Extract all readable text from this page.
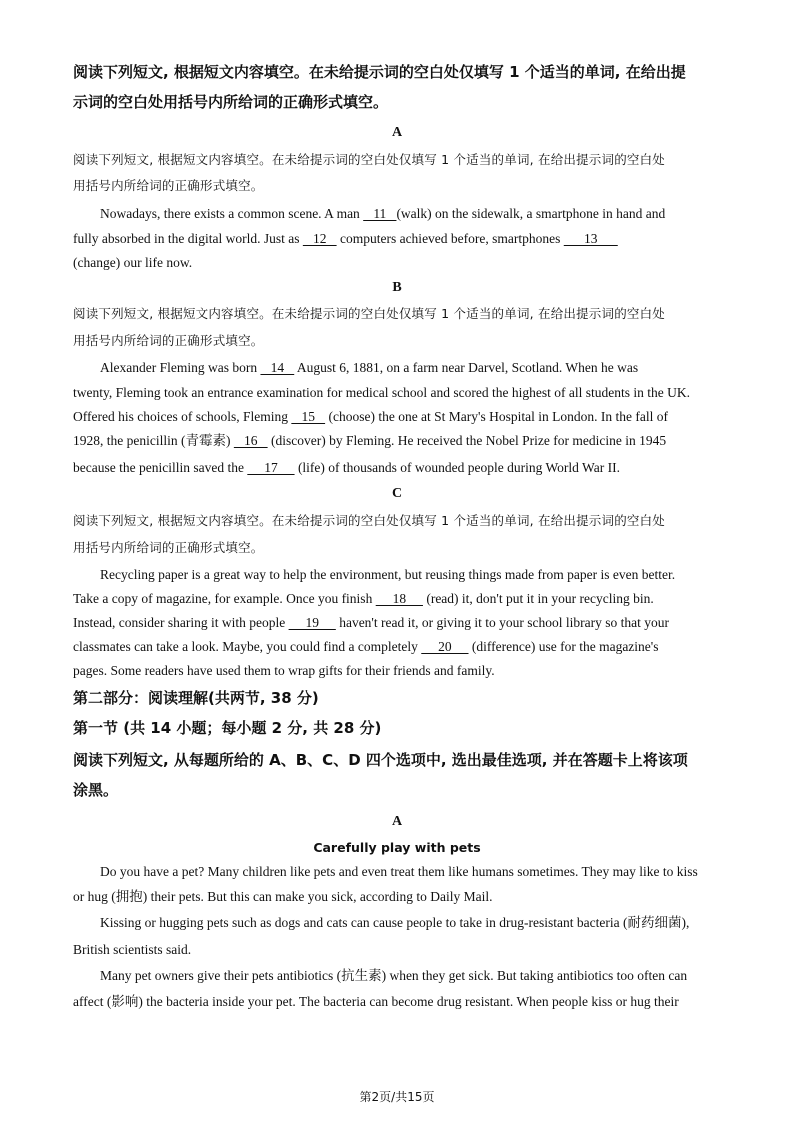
阅读下列短文, 根据短文内容填空。在未给提示词的空白处仅填写 1 个适当的单词, 在给出提
示词的空白处用括号内所给词的正确形式填空。
A
阅读下列短文, 根据短文内容填空。在未给提示词的空白处仅填写 1 个适当的单词, 在给出提示词的空白处
用括号内所给词的正确形式填空。
Nowadays, there exists a common scene. A man    11   (walk) on the sidewalk, a smartphone in hand and
fully absorbed in the digital world. Just as    12    computers achieved before, smartphones       13
(change) our life now.
B
阅读下列短文, 根据短文内容填空。在未给提示词的空白处仅填写 1 个适当的单词, 在给出提示词的空白处
用括号内所给词的正确形式填空。
Alexander Fleming was born    14    August 6, 1881, on a farm near Darvel, Scotland. When he was
twenty, Fleming took an entrance examination for medical school and scored the highest of all students in the UK.
Offered his choices of schools, Fleming    15    (choose) the one at St Mary's Hospital in London. In the fall of
1928, the penicillin (青霉素)    16    (discover) by Fleming. He received the Nobel Prize for medicine in 1945
because the penicillin saved the      17      (life) of thousands of wounded people during World War II.
C
阅读下列短文, 根据短文内容填空。在未给提示词的空白处仅填写 1 个适当的单词, 在给出提示词的空白处
用括号内所给词的正确形式填空。
Recycling paper is a great way to help the environment, but reusing things made from paper is even better.
Take a copy of magazine, for example. Once you finish      18      (read) it, don't put it in your recycling bin.
Instead, consider sharing it with people      19      haven't read it, or giving it to your school library so that your
classmates can take a look. Maybe, you could find a completely      20      (difference) use for the magazine's
pages. Some readers have used them to wrap gifts for their friends and family.
第二部分：阅读理解(共两节, 38 分)
第一节 (共 14 小题；每小题 2 分, 共 28 分)
阅读下列短文, 从每题所给的 A、B、C、D 四个选项中, 选出最佳选项, 并在答题卡上将该项
涂黑。
A
Carefully play with pets
Do you have a pet? Many children like pets and even treat them like humans sometimes. They may like to kiss
or hug (拥抱) their pets. But this can make you sick, according to Daily Mail.
Kissing or hugging pets such as dogs and cats can cause people to take in drug-resistant bacteria (耐药细菌),
British scientists said.
Many pet owners give their pets antibiotics (抗生素) when they get sick. But taking antibiotics too often can
affect (影响) the bacteria inside your pet. The bacteria can become drug resistant. When people kiss or hug their
第2页/共15页
